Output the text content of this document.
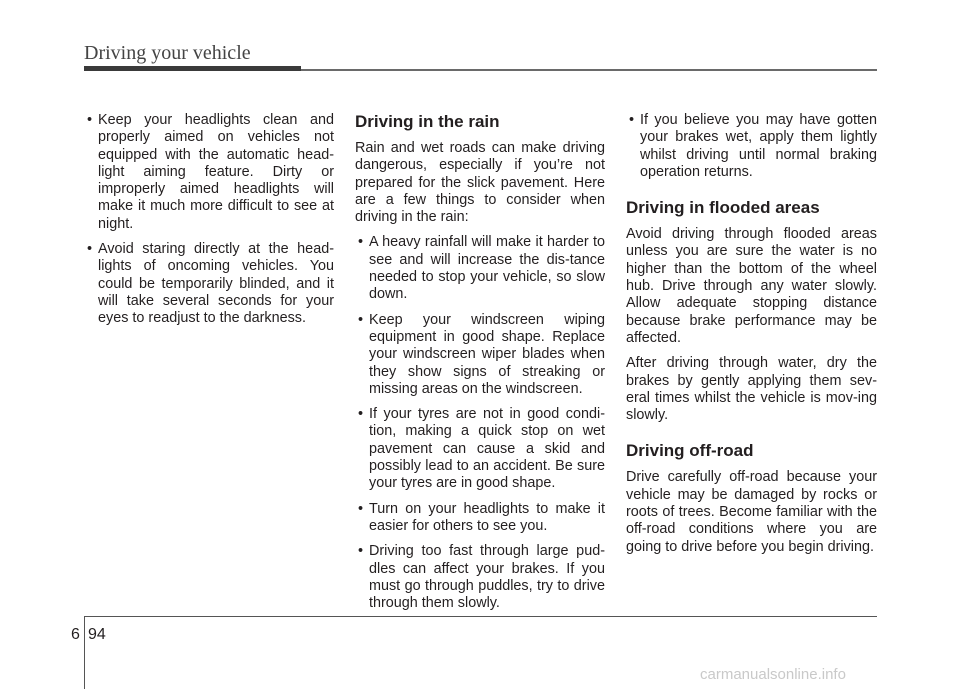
Driving your vehicle
• Keep your headlights clean and properly aimed on vehicles not equipped with the automatic head-light aiming feature. Dirty or improperly aimed headlights will make it much more difficult to see at night.
• Avoid staring directly at the head-lights of oncoming vehicles. You could be temporarily blinded, and it will take several seconds for your eyes to readjust to the darkness.
Driving in the rain

Rain and wet roads can make driving dangerous, especially if you’re not prepared for the slick pavement. Here are a few things to consider when driving in the rain:

• A heavy rainfall will make it harder to see and will increase the dis-tance needed to stop your vehicle, so slow down.
• Keep your windscreen wiping equipment in good shape. Replace your windscreen wiper blades when they show signs of streaking or missing areas on the windscreen.
• If your tyres are not in good condi-tion, making a quick stop on wet pavement can cause a skid and possibly lead to an accident. Be sure your tyres are in good shape.
• Turn on your headlights to make it easier for others to see you.
• Driving too fast through large pud-dles can affect your brakes. If you must go through puddles, try to drive through them slowly.
• If you believe you may have gotten your brakes wet, apply them lightly whilst driving until normal braking operation returns.
Driving in flooded areas

Avoid driving through flooded areas unless you are sure the water is no higher than the bottom of the wheel hub. Drive through any water slowly. Allow adequate stopping distance because brake performance may be affected.

After driving through water, dry the brakes by gently applying them sev-eral times whilst the vehicle is mov-ing slowly.

Driving off-road

Drive carefully off-road because your vehicle may be damaged by rocks or roots of trees. Become familiar with the off-road conditions where you are going to drive before you begin driving.

6 94
carmanualsonline.info
